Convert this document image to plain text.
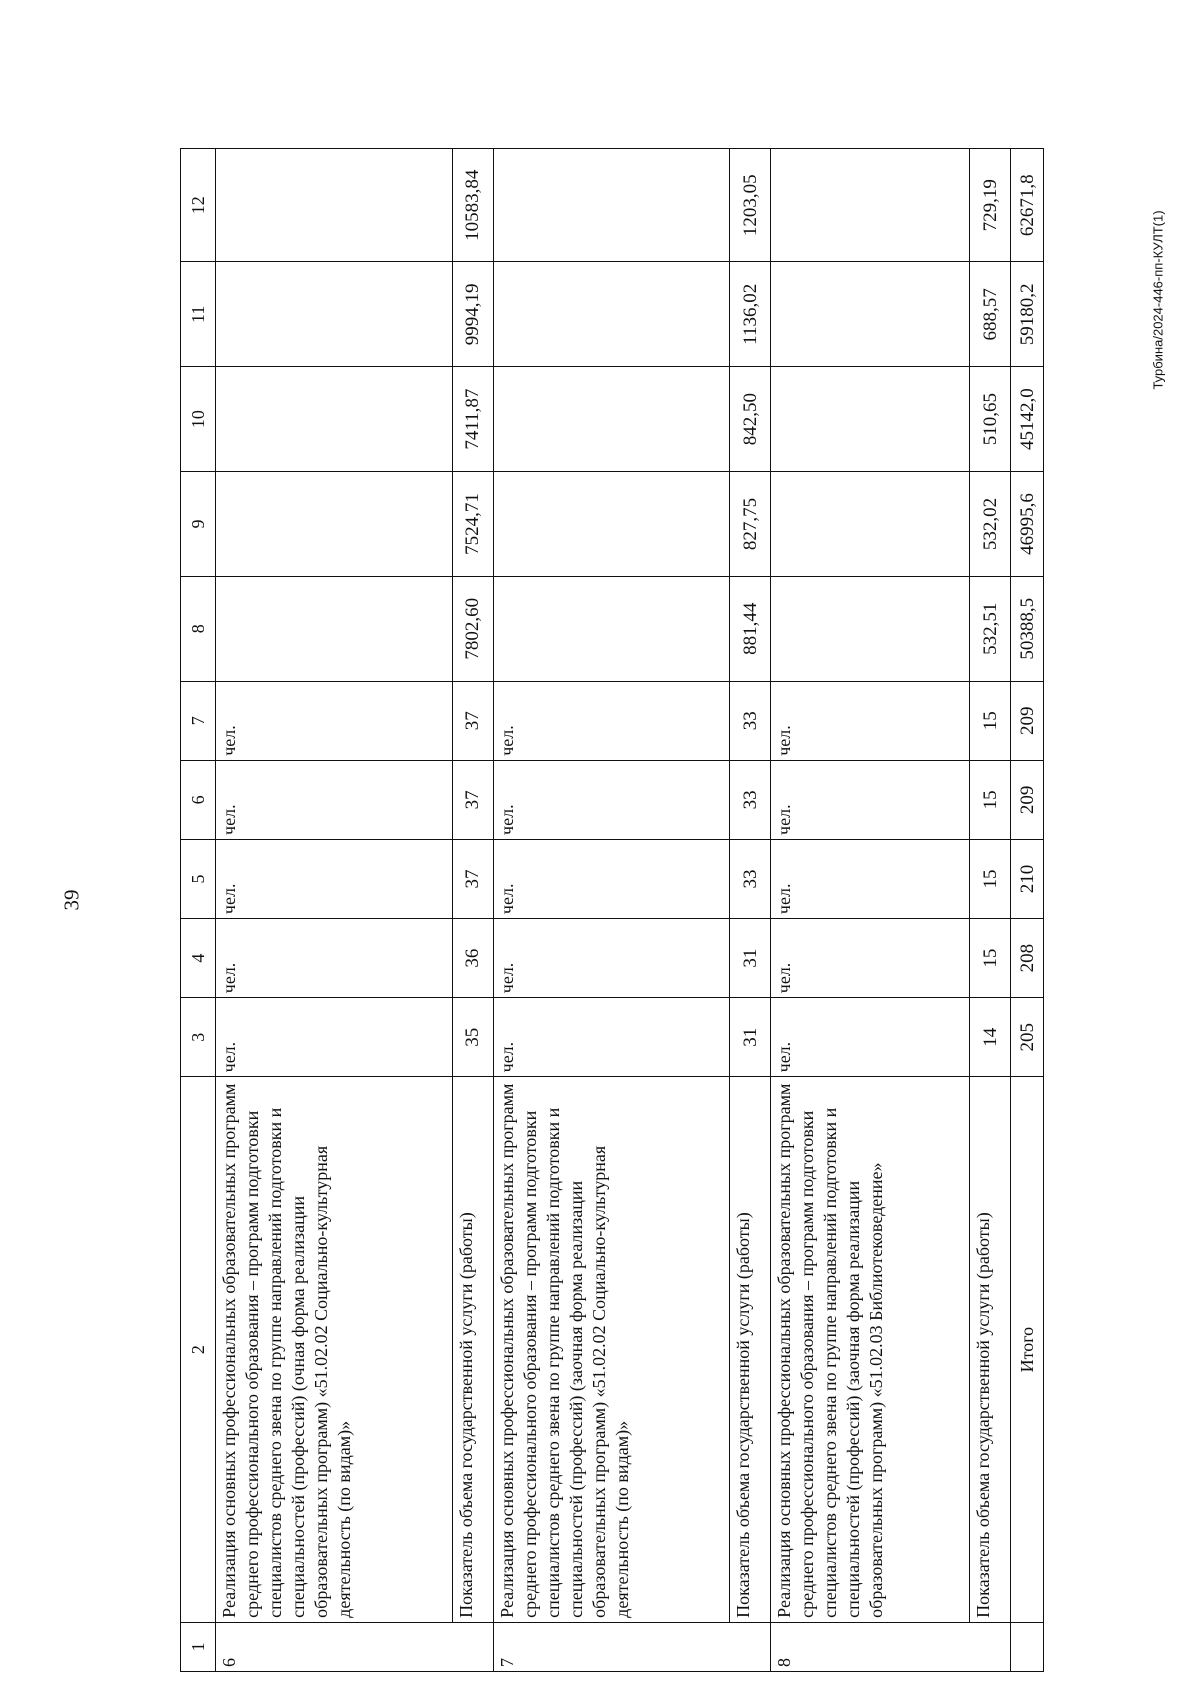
39
Турбина/2024-446-пп-КУЛТ(1)
1	2	3	4	5	6	7	8	9	10	11	12
6	Реализация основных профессиональных образовательных программ среднего профессионального образования – программ подготовки специалистов среднего звена по группе направлений подготовки и специальностей (профессий) (очная форма реализации образовательных программ) «51.02.02 Социально-культурная деятельность (по видам)»	чел.	чел.	чел.	чел.	чел.					
	Показатель объема государственной услуги (работы)	35	36	37	37	37	7802,60	7524,71	7411,87	9994,19	10583,84
7	Реализация основных профессиональных образовательных программ среднего профессионального образования – программ подготовки специалистов среднего звена по группе направлений подготовки и специальностей (профессий) (заочная форма реализации образовательных программ) «51.02.02 Социально-культурная деятельность (по видам)»	чел.	чел.	чел.	чел.	чел.					
	Показатель объема государственной услуги (работы)	31	31	33	33	33	881,44	827,75	842,50	1136,02	1203,05
8	Реализация основных профессиональных образовательных программ среднего профессионального образования – программ подготовки специалистов среднего звена по группе направлений подготовки и специальностей (профессий) (заочная форма реализации образовательных программ) «51.02.03 Библиотековедение»	чел.	чел.	чел.	чел.	чел.					
	Показатель объема государственной услуги (работы)	14	15	15	15	15	532,51	532,02	510,65	688,57	729,19
	Итого	205	208	210	209	209	50388,5	46995,6	45142,0	59180,2	62671,8
